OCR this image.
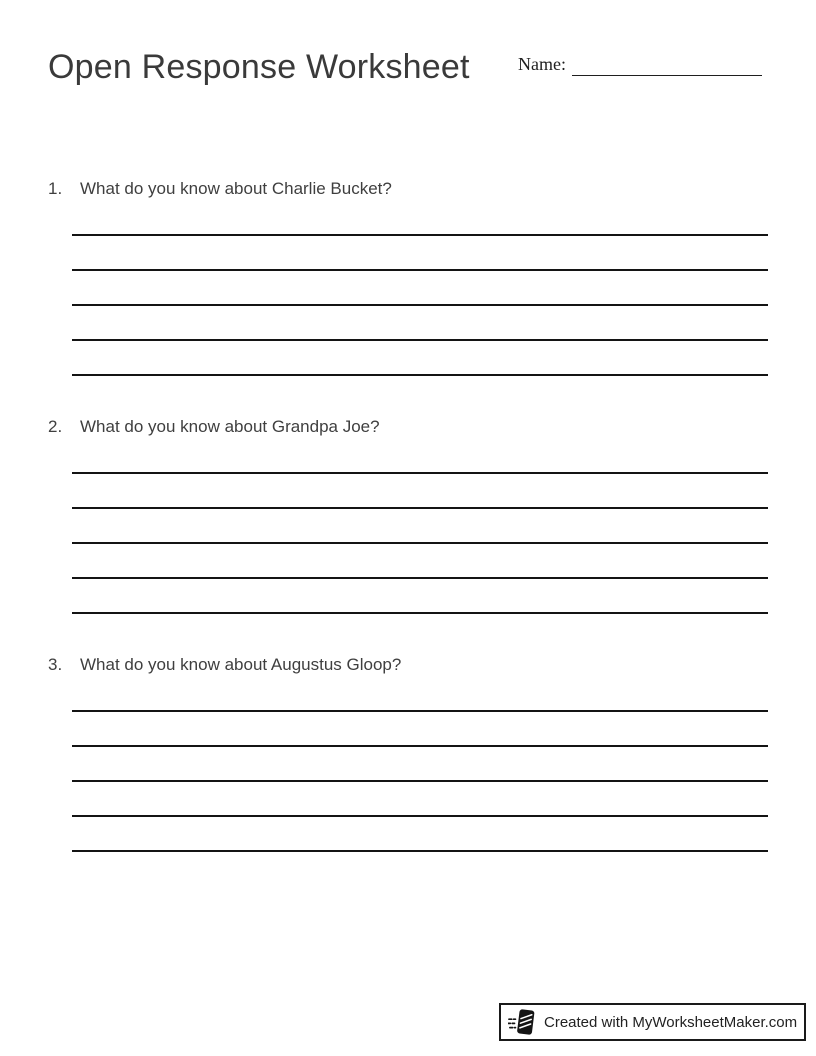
Open Response Worksheet	Name:
1.	What do you know about Charlie Bucket?
2.	What do you know about Grandpa Joe?
3.	What do you know about Augustus Gloop?
Created with MyWorksheetMaker.com
